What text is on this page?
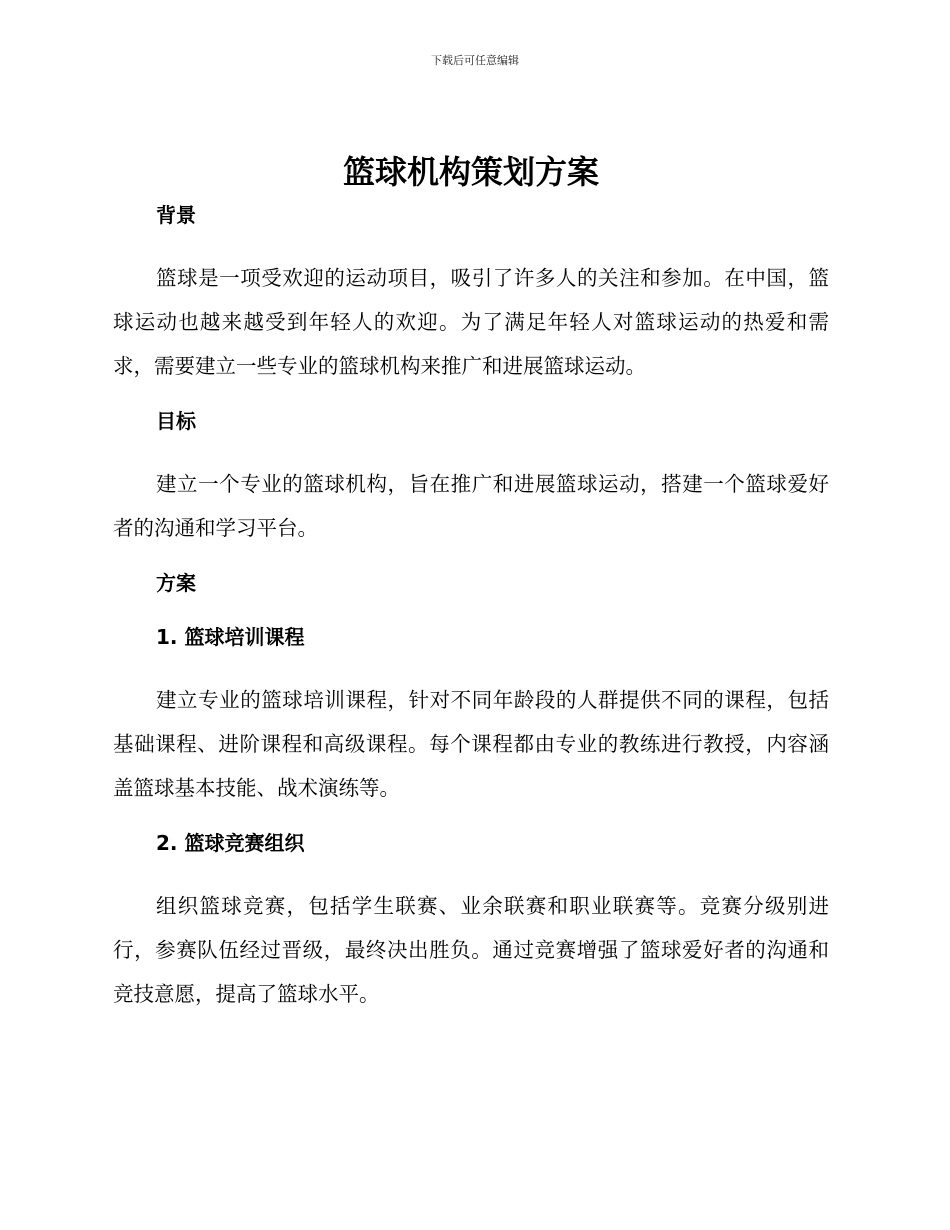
下载后可任意编辑
篮球机构策划方案
背景

篮球是一项受欢迎的运动项目，吸引了许多人的关注和参加。在中国，篮球运动也越来越受到年轻人的欢迎。为了满足年轻人对篮球运动的热爱和需求，需要建立一些专业的篮球机构来推广和进展篮球运动。

目标

建立一个专业的篮球机构，旨在推广和进展篮球运动，搭建一个篮球爱好者的沟通和学习平台。

方案
1. 篮球培训课程

建立专业的篮球培训课程，针对不同年龄段的人群提供不同的课程，包括基础课程、进阶课程和高级课程。每个课程都由专业的教练进行教授，内容涵盖篮球基本技能、战术演练等。

2. 篮球竞赛组织

组织篮球竞赛，包括学生联赛、业余联赛和职业联赛等。竞赛分级别进行，参赛队伍经过晋级，最终决出胜负。通过竞赛增强了篮球爱好者的沟通和竞技意愿，提高了篮球水平。
